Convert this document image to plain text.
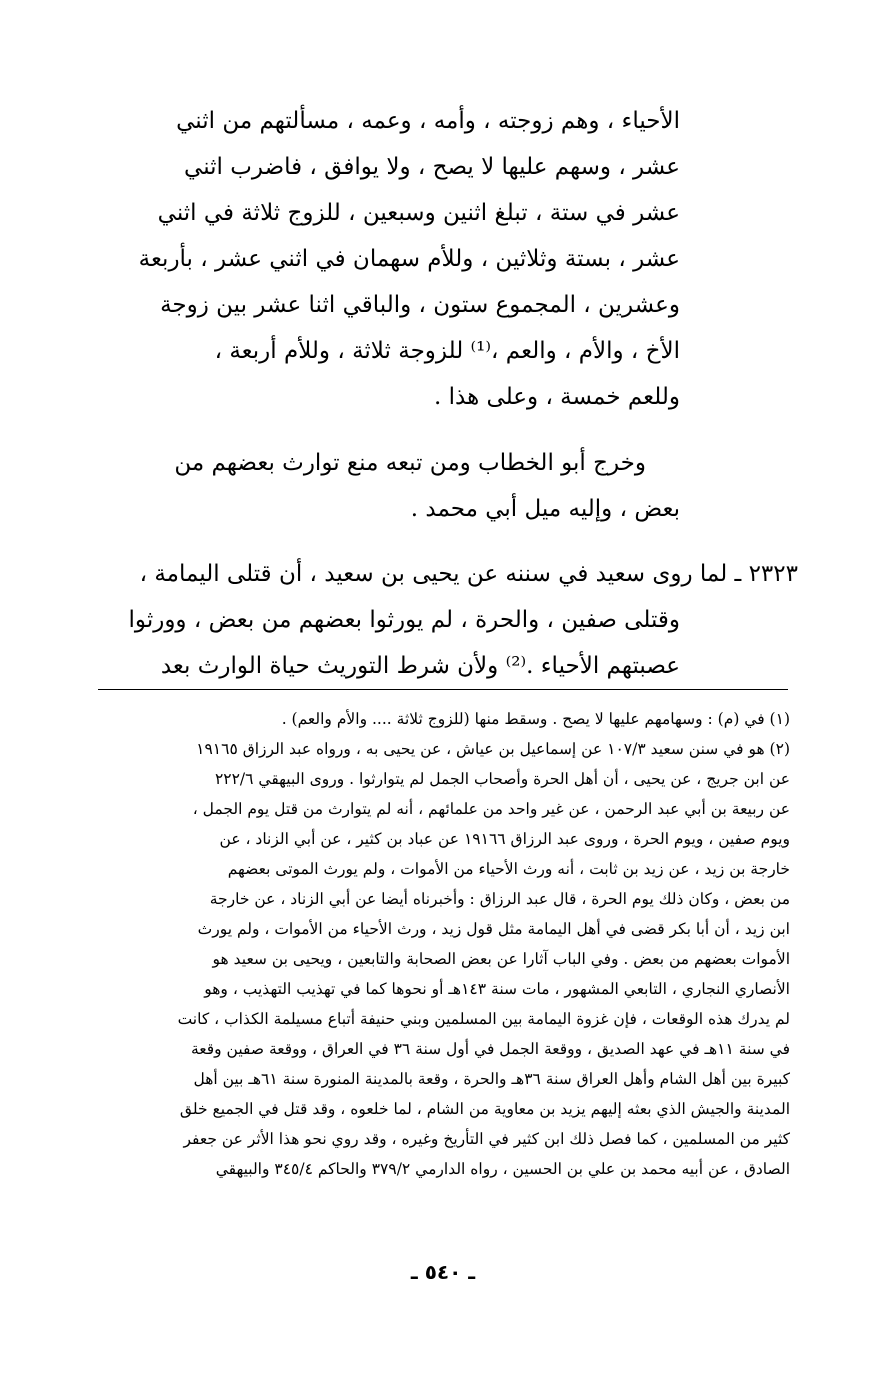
الأحياء ، وهم زوجته ، وأمه ، وعمه ، مسألتهم من اثني
عشر ، وسهم عليها لا يصح ، ولا يوافق ، فاضرب اثني
عشر في ستة ، تبلغ اثنين وسبعين ، للزوج ثلاثة في اثني
عشر ، بستة وثلاثين ، وللأم سهمان في اثني عشر ، بأربعة
وعشرين ، المجموع ستون ، والباقي اثنا عشر بين زوجة
الأخ ، والأم ، والعم ،⁽¹⁾ للزوجة ثلاثة ، وللأم أربعة ،
وللعم خمسة ، وعلى هذا .
وخرج أبو الخطاب ومن تبعه منع توارث بعضهم من
بعض ، وإليه ميل أبي محمد .
٢٣٢٣ ـ لما روى سعيد في سننه عن يحيى بن سعيد ، أن قتلى اليمامة ،
وقتلى صفين ، والحرة ، لم يورثوا بعضهم من بعض ، وورثوا
عصبتهم الأحياء .⁽²⁾ ولأن شرط التوريث حياة الوارث بعد
(١) في (م) : وسهامهم عليها لا يصح . وسقط منها (للزوج ثلاثة .... والأم والعم) .
(٢) هو في سنن سعيد ١٠٧/٣ عن إسماعيل بن عياش ، عن يحيى به ، ورواه عبد الرزاق ١٩١٦٥
عن ابن جريج ، عن يحيى ، أن أهل الحرة وأصحاب الجمل لم يتوارثوا . وروى البيهقي ٢٢٢/٦
عن ربيعة بن أبي عبد الرحمن ، عن غير واحد من علمائهم ، أنه لم يتوارث من قتل يوم الجمل ،
ويوم صفين ، ويوم الحرة ، وروى عبد الرزاق ١٩١٦٦ عن عباد بن كثير ، عن أبي الزناد ، عن
خارجة بن زيد ، عن زيد بن ثابت ، أنه ورث الأحياء من الأموات ، ولم يورث الموتى بعضهم
من بعض ، وكان ذلك يوم الحرة ، قال عبد الرزاق : وأخبرناه أيضا عن أبي الزناد ، عن خارجة
ابن زيد ، أن أبا بكر قضى في أهل اليمامة مثل قول زيد ، ورث الأحياء من الأموات ، ولم يورث
الأموات بعضهم من بعض . وفي الباب آثارا عن بعض الصحابة والتابعين ، ويحيى بن سعيد هو
الأنصاري النجاري ، التابعي المشهور ، مات سنة ١٤٣هـ أو نحوها كما في تهذيب التهذيب ، وهو
لم يدرك هذه الوقعات ، فإن غزوة اليمامة بين المسلمين وبني حنيفة أتباع مسيلمة الكذاب ، كانت
في سنة ١١هـ في عهد الصديق ، ووقعة الجمل في أول سنة ٣٦ في العراق ، ووقعة صفين وقعة
كبيرة بين أهل الشام وأهل العراق سنة ٣٦هـ والحرة ، وقعة بالمدينة المنورة سنة ٦١هـ بين أهل
المدينة والجيش الذي بعثه إليهم يزيد بن معاوية من الشام ، لما خلعوه ، وقد قتل في الجميع خلق
كثير من المسلمين ، كما فصل ذلك ابن كثير في التأريخ وغيره ، وقد روي نحو هذا الأثر عن جعفر
الصادق ، عن أبيه محمد بن علي بن الحسين ، رواه الدارمي ٣٧٩/٢ والحاكم ٣٤٥/٤ والبيهقي
ـ ٥٤٠ ـ
